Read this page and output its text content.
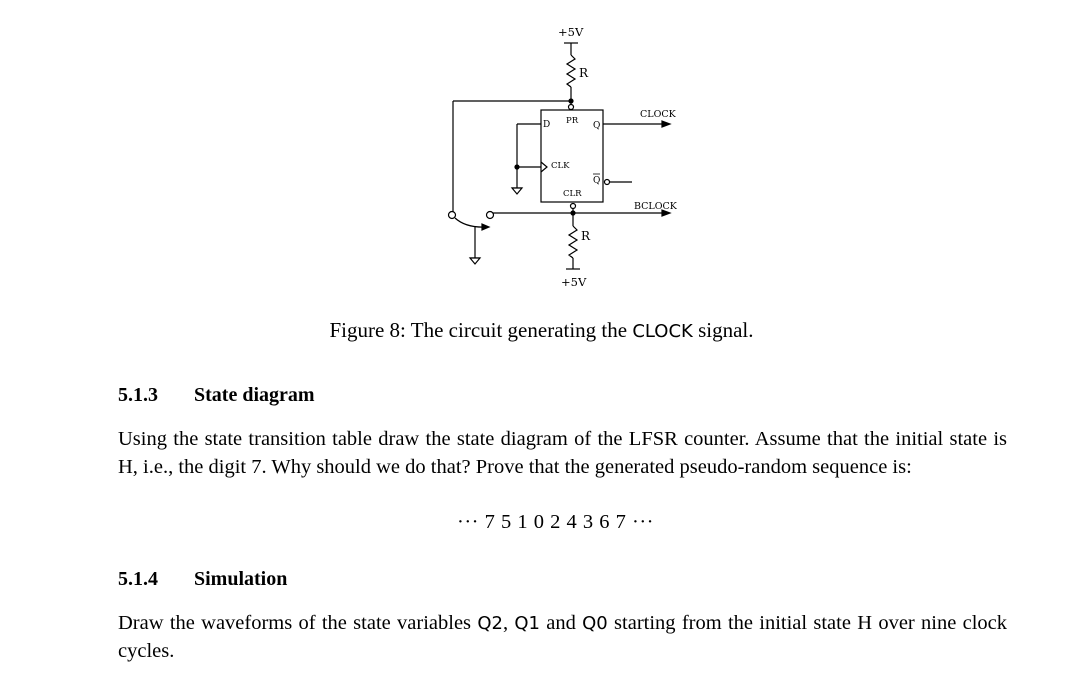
+5V
R
PR
D	Q
CLK
Q
CLR
CLOCK
BCLOCK
R
+5V
Figure 8: The circuit generating the CLOCK signal.
5.1.3 State diagram
Using the state transition table draw the state diagram of the LFSR counter. Assume that the initial state is H, i.e., the digit 7. Why should we do that? Prove that the generated pseudo-random sequence is:
··· 7 5 1 0 2 4 3 6 7 ···
5.1.4 Simulation
Draw the waveforms of the state variables Q2, Q1 and Q0 starting from the initial state H over nine clock cycles.
